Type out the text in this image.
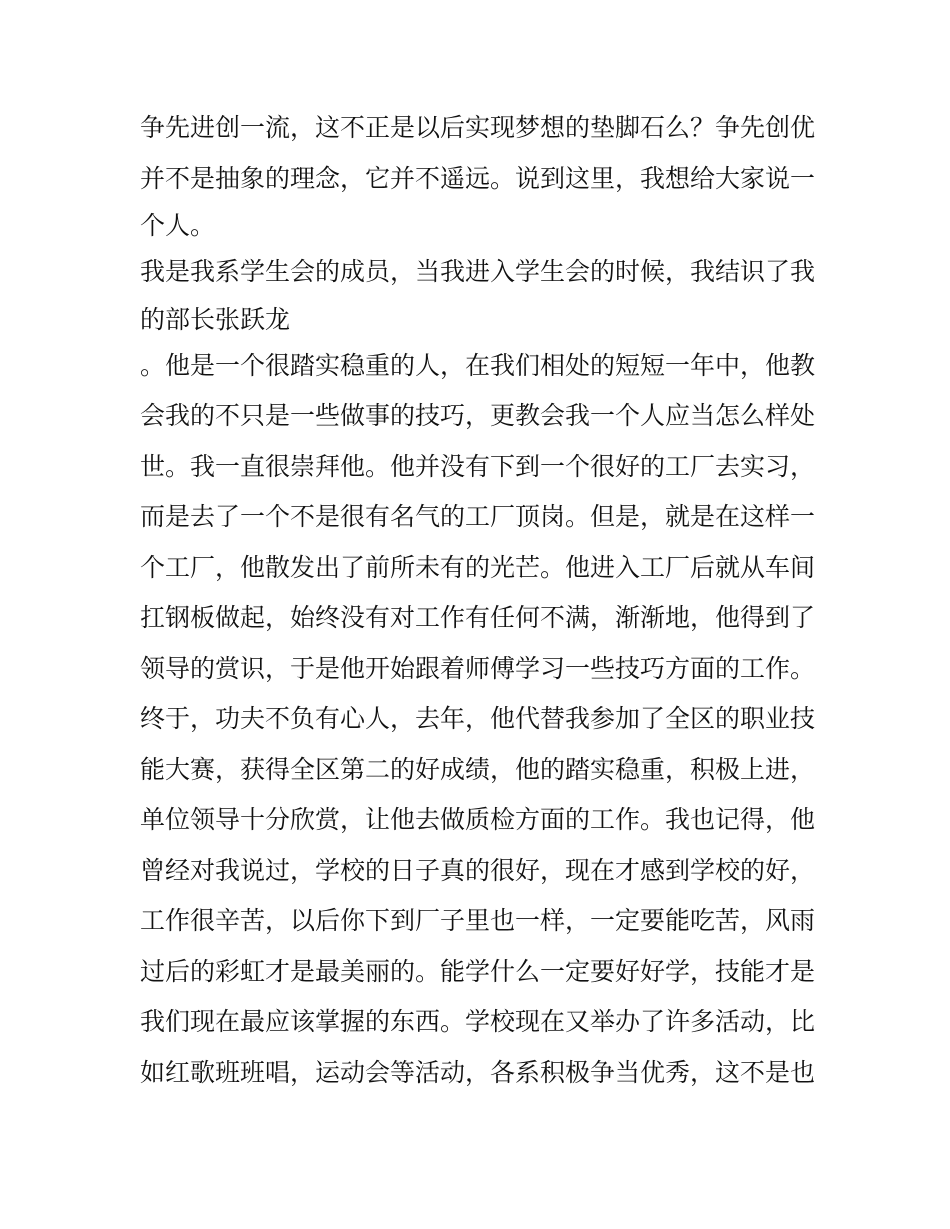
争先进创一流，这不正是以后实现梦想的垫脚石么？争先创优
并不是抽象的理念，它并不遥远。说到这里，我想给大家说一
个人。
我是我系学生会的成员，当我进入学生会的时候，我结识了我
的部长张跃龙
。他是一个很踏实稳重的人，在我们相处的短短一年中，他教
会我的不只是一些做事的技巧，更教会我一个人应当怎么样处
世。我一直很崇拜他。他并没有下到一个很好的工厂去实习，
而是去了一个不是很有名气的工厂顶岗。但是，就是在这样一
个工厂，他散发出了前所未有的光芒。他进入工厂后就从车间
扛钢板做起，始终没有对工作有任何不满，渐渐地，他得到了
领导的赏识，于是他开始跟着师傅学习一些技巧方面的工作。
终于，功夫不负有心人，去年，他代替我参加了全区的职业技
能大赛，获得全区第二的好成绩，他的踏实稳重，积极上进，
单位领导十分欣赏，让他去做质检方面的工作。我也记得，他
曾经对我说过，学校的日子真的很好，现在才感到学校的好，
工作很辛苦，以后你下到厂子里也一样，一定要能吃苦，风雨
过后的彩虹才是最美丽的。能学什么一定要好好学，技能才是
我们现在最应该掌握的东西。学校现在又举办了许多活动，比
如红歌班班唱，运动会等活动，各系积极争当优秀，这不是也
